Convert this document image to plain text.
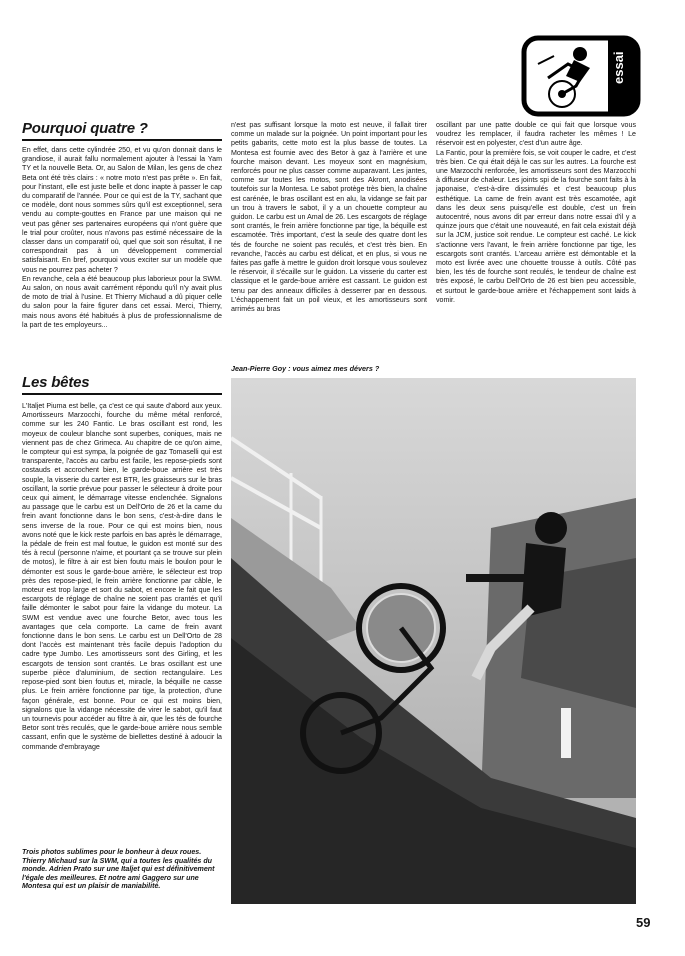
essai
Pourquoi quatre ?

En effet, dans cette cylindrée 250, et vu qu'on donnait dans le grandiose, il aurait fallu normalement ajouter à l'essai la Yam TY et la nouvelle Beta. Or, au Salon de Milan, les gens de chez Beta ont été très clairs : « notre moto n'est pas prête ». En fait, pour l'instant, elle est juste belle et donc inapte à passer le cap du comparatif de l'année. Pour ce qui est de la TY, sachant que ce modèle, dont nous sommes sûrs qu'il est exceptionnel, sera vendu au compte-gouttes en France par une maison qui ne veut pas gêner ses partenaires européens qui n'ont guère que le trial pour croûter, nous n'avons pas estimé nécessaire de la classer dans un comparatif où, quel que soit son résultat, il ne correspondrait pas à un développement commercial satisfaisant. En bref, pourquoi vous exciter sur un modèle que vous ne pourrez pas acheter ?

En revanche, cela a été beaucoup plus laborieux pour la SWM. Au salon, on nous avait carrément répondu qu'il n'y avait plus de moto de trial à l'usine. Et Thierry Michaud a dû piquer celle du salon pour la faire figurer dans cet essai. Merci, Thierry, mais nous avons été habitués à plus de professionnalisme de la part de tes employeurs...

Les bêtes

L'Italjet Piuma est belle, ça c'est ce qui saute d'abord aux yeux. Amortisseurs Marzocchi, fourche du même métal renforcé, comme sur les 240 Fantic. Le bras oscillant est rond, les moyeux de couleur blanche sont superbes, coniques, mais ne viennent pas de chez Grimeca. Au chapitre de ce qu'on aime, le compteur qui est sympa, la poignée de gaz Tomaselli qui est transparente, l'accès au carbu est facile, les repose-pieds sont costauds et accrochent bien, le garde-boue arrière est très souple, la visserie du carter est BTR, les graisseurs sur le bras oscillant, la sortie prévue pour passer le sélecteur à droite pour ceux qui aiment, le démarrage vitesse enclenchée. Signalons au passage que le carbu est un Dell'Orto de 26 et la came du frein avant fonctionne dans le bon sens, c'est-à-dire dans le sens inverse de la roue. Pour ce qui est moins bien, nous avons noté que le kick reste parfois en bas après le démarrage, la pédale de frein est mal foutue, le guidon est monté sur des tés à recul (personne n'aime, et pourtant ça se trouve sur plein de motos), le filtre à air est bien foutu mais le boulon pour le démonter est sous le garde-boue arrière, le sélecteur est trop près des repose-pied, le frein arrière fonctionne par câble, le moteur est trop large et sort du sabot, et encore le fait que les escargots de réglage de chaîne ne soient pas crantés et qu'il faille démonter le sabot pour faire la vidange du moteur. La SWM est vendue avec une fourche Betor, avec tous les avantages que cela comporte. La came de frein avant fonctionne dans le bon sens. Le carbu est un Dell'Orto de 28 dont l'accès est maintenant très facile depuis l'adoption du cadre type Jumbo. Les amortisseurs sont des Girling, et les escargots de tension sont crantés. Le bras oscillant est une superbe pièce d'aluminium, de section rectangulaire. Les repose-pied sont bien foutus et, miracle, la béquille ne casse plus. Le frein arrière fonctionne par tige, la protection, d'une façon générale, est bonne. Pour ce qui est moins bien, signalons que la vidange nécessite de virer le sabot, qu'il faut un tournevis pour accéder au filtre à air, que les tés de fourche Betor sont très reculés, que le garde-boue arrière nous semble cassant, enfin que le système de biellettes destiné à adoucir la commande d'embrayage

n'est pas suffisant lorsque la moto est neuve, il fallait tirer comme un malade sur la poignée. Un point important pour les petits gabarits, cette moto est la plus basse de toutes. La Montesa est fournie avec des Betor à gaz à l'arrière et une fourche maison devant. Les moyeux sont en magnésium, renforcés pour ne plus casser comme auparavant. Les jantes, comme sur toutes les motos, sont des Akront, anodisées toutefois sur la Montesa. Le sabot protège très bien, la chaîne est carénée, le bras oscillant est en alu, la vidange se fait par un trou à travers le sabot, il y a un chouette compteur au guidon. Le carbu est un Amal de 26. Les escargots de réglage sont crantés, le frein arrière fonctionne par tige, la béquille est escamotée. Très important, c'est la seule des quatre dont les tés de fourche ne soient pas reculés, et c'est très bien. En revanche, l'accès au carbu est délicat, et en plus, si vous ne faites pas gaffe à mettre le guidon droit lorsque vous soulevez le réservoir, il s'écaille sur le guidon. La visserie du carter est classique et le garde-boue arrière est cassant. Le guidon est tenu par des anneaux difficiles à desserrer par en dessous. L'échappement fait un poil vieux, et les amortisseurs sont arrimés au bras

oscillant par une patte double ce qui fait que lorsque vous voudrez les remplacer, il faudra racheter les mêmes ! Le réservoir est en polyester, c'est d'un autre âge.

La Fantic, pour la première fois, se voit couper le cadre, et c'est très bien. Ce qui était déjà le cas sur les autres. La fourche est une Marzocchi renforcée, les amortisseurs sont des Marzocchi à diffuseur de chaleur. Les joints spi de la fourche sont faits à la japonaise, c'est-à-dire dissimulés et c'est beaucoup plus esthétique. La came de frein avant est très escamotée, agit dans les deux sens puisqu'elle est double, c'est un frein autocentré, nous avons dit par erreur dans notre essai d'il y a quinze jours que c'était une nouveauté, en fait cela existait déjà sur la JCM, justice soit rendue. Le compteur est caché. Le kick s'actionne vers l'avant, le frein arrière fonctionne par tige, les escargots sont crantés. L'arceau arrière est démontable et la moto est livrée avec une chouette trousse à outils. Côté pas bien, les tés de fourche sont reculés, le tendeur de chaîne est très exposé, le carbu Dell'Orto de 26 est bien peu accessible, et surtout le garde-boue arrière et l'échappement sont laids à vomir.

Jean-Pierre Goy : vous aimez mes dévers ?
Trois photos sublimes pour le bonheur à deux roues. Thierry Michaud sur la SWM, qui a toutes les qualités du monde. Adrien Prato sur une Italjet qui est définitivement l'égale des meilleures. Et notre ami Gaggero sur une Montesa qui est un plaisir de maniabilité.
59
